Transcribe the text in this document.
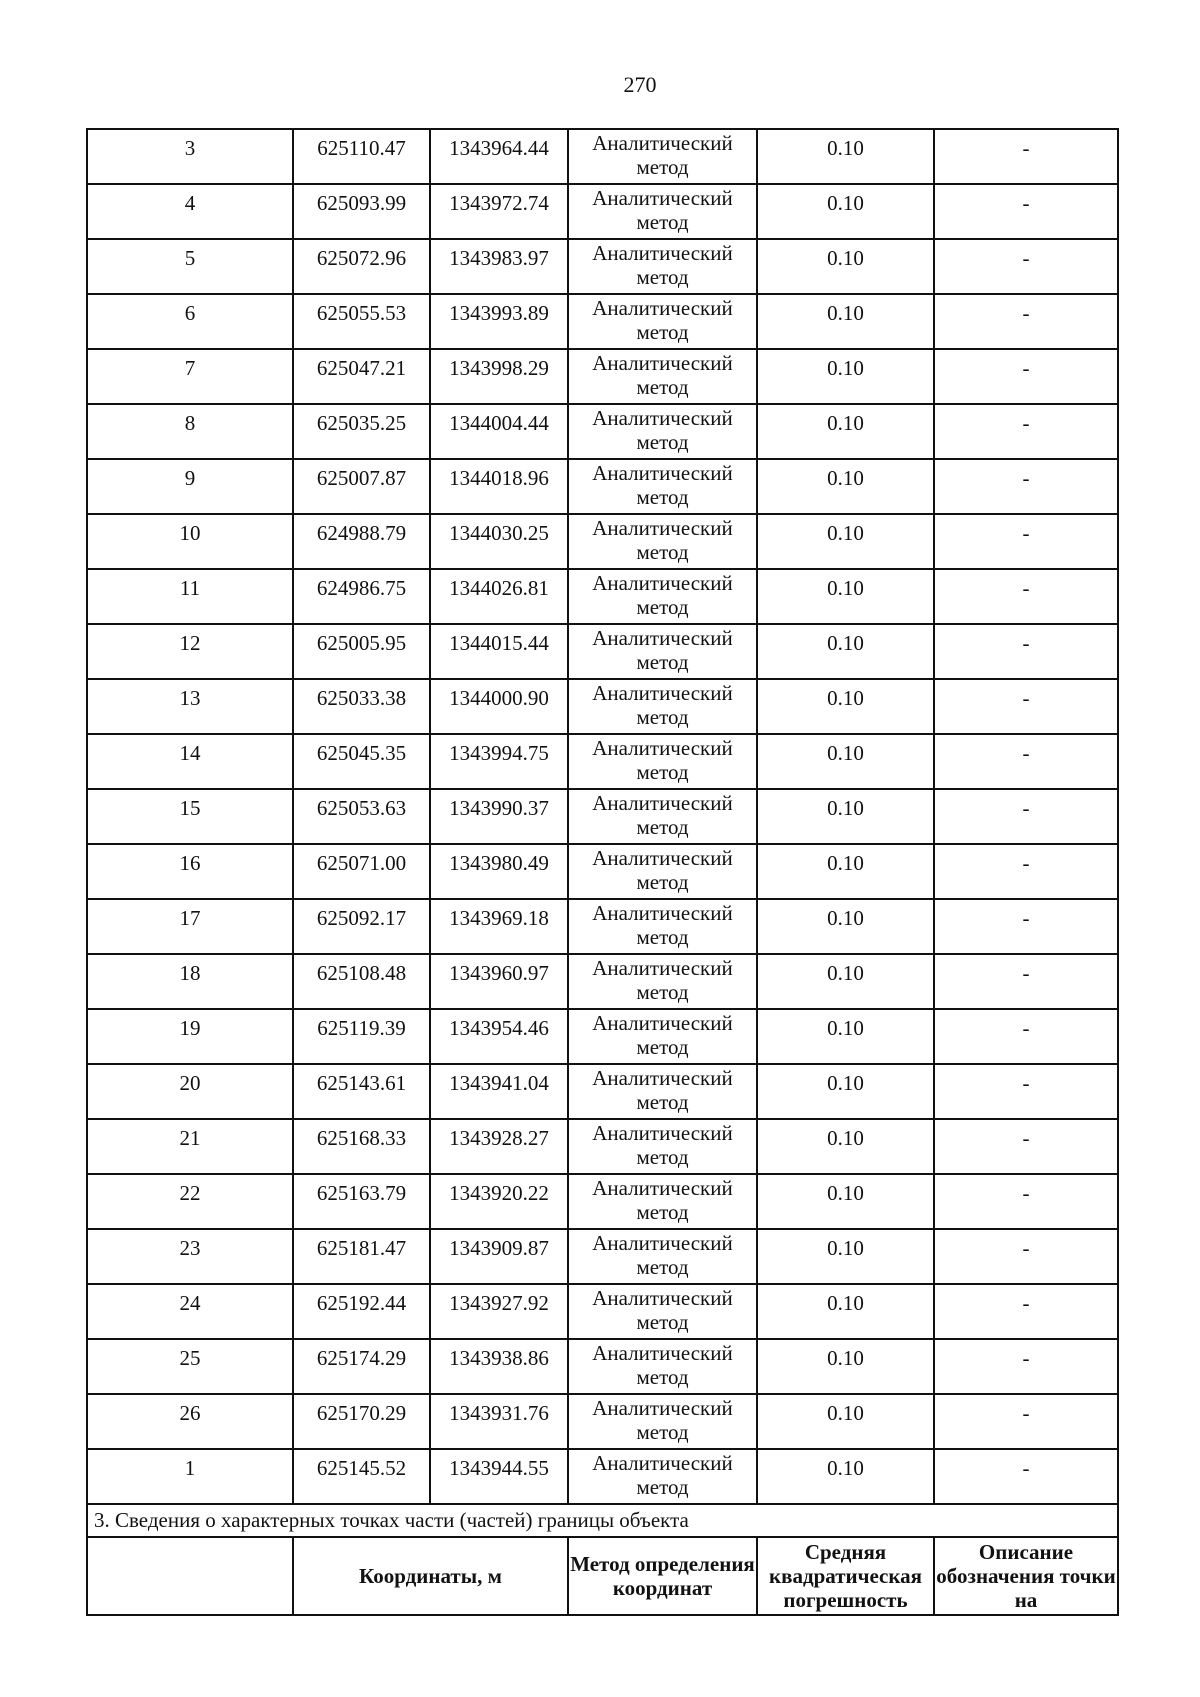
270
3	625110.47	1343964.44	Аналитический метод	0.10	-
4	625093.99	1343972.74	Аналитический метод	0.10	-
5	625072.96	1343983.97	Аналитический метод	0.10	-
6	625055.53	1343993.89	Аналитический метод	0.10	-
7	625047.21	1343998.29	Аналитический метод	0.10	-
8	625035.25	1344004.44	Аналитический метод	0.10	-
9	625007.87	1344018.96	Аналитический метод	0.10	-
10	624988.79	1344030.25	Аналитический метод	0.10	-
11	624986.75	1344026.81	Аналитический метод	0.10	-
12	625005.95	1344015.44	Аналитический метод	0.10	-
13	625033.38	1344000.90	Аналитический метод	0.10	-
14	625045.35	1343994.75	Аналитический метод	0.10	-
15	625053.63	1343990.37	Аналитический метод	0.10	-
16	625071.00	1343980.49	Аналитический метод	0.10	-
17	625092.17	1343969.18	Аналитический метод	0.10	-
18	625108.48	1343960.97	Аналитический метод	0.10	-
19	625119.39	1343954.46	Аналитический метод	0.10	-
20	625143.61	1343941.04	Аналитический метод	0.10	-
21	625168.33	1343928.27	Аналитический метод	0.10	-
22	625163.79	1343920.22	Аналитический метод	0.10	-
23	625181.47	1343909.87	Аналитический метод	0.10	-
24	625192.44	1343927.92	Аналитический метод	0.10	-
25	625174.29	1343938.86	Аналитический метод	0.10	-
26	625170.29	1343931.76	Аналитический метод	0.10	-
1	625145.52	1343944.55	Аналитический метод	0.10	-
3. Сведения о характерных точках части (частей) границы объекта					
	Координаты, м		Метод определения координат	Средняя квадратическая погрешность	Описание обозначения точки на
